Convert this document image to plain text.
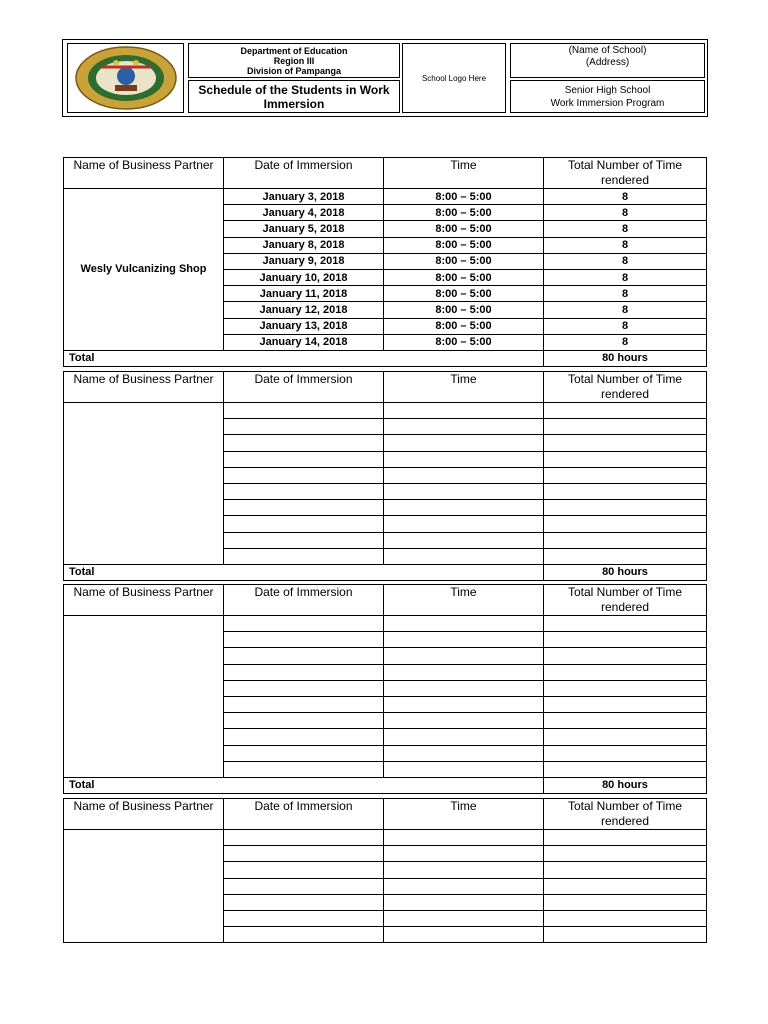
Department of Education
Region III
Division of Pampanga
Schedule of the Students in Work Immersion
School Logo Here
(Name of School)
(Address)
Senior High School
Work Immersion Program
Name of Business Partner	Date of Immersion	Time	Total Number of Time rendered
Wesly Vulcanizing Shop	January 3, 2018	8:00 – 5:00	8
	January 4, 2018	8:00 – 5:00	8
	January 5, 2018	8:00 – 5:00	8
	January 8, 2018	8:00 – 5:00	8
	January 9, 2018	8:00 – 5:00	8
	January 10, 2018	8:00 – 5:00	8
	January 11, 2018	8:00 – 5:00	8
	January 12, 2018	8:00 – 5:00	8
	January 13, 2018	8:00 – 5:00	8
	January 14, 2018	8:00 – 5:00	8
Total			80 hours
Name of Business Partner	Date of Immersion	Time	Total Number of Time rendered

Total			80 hours
Name of Business Partner	Date of Immersion	Time	Total Number of Time rendered

Total			80 hours
Name of Business Partner	Date of Immersion	Time	Total Number of Time rendered
